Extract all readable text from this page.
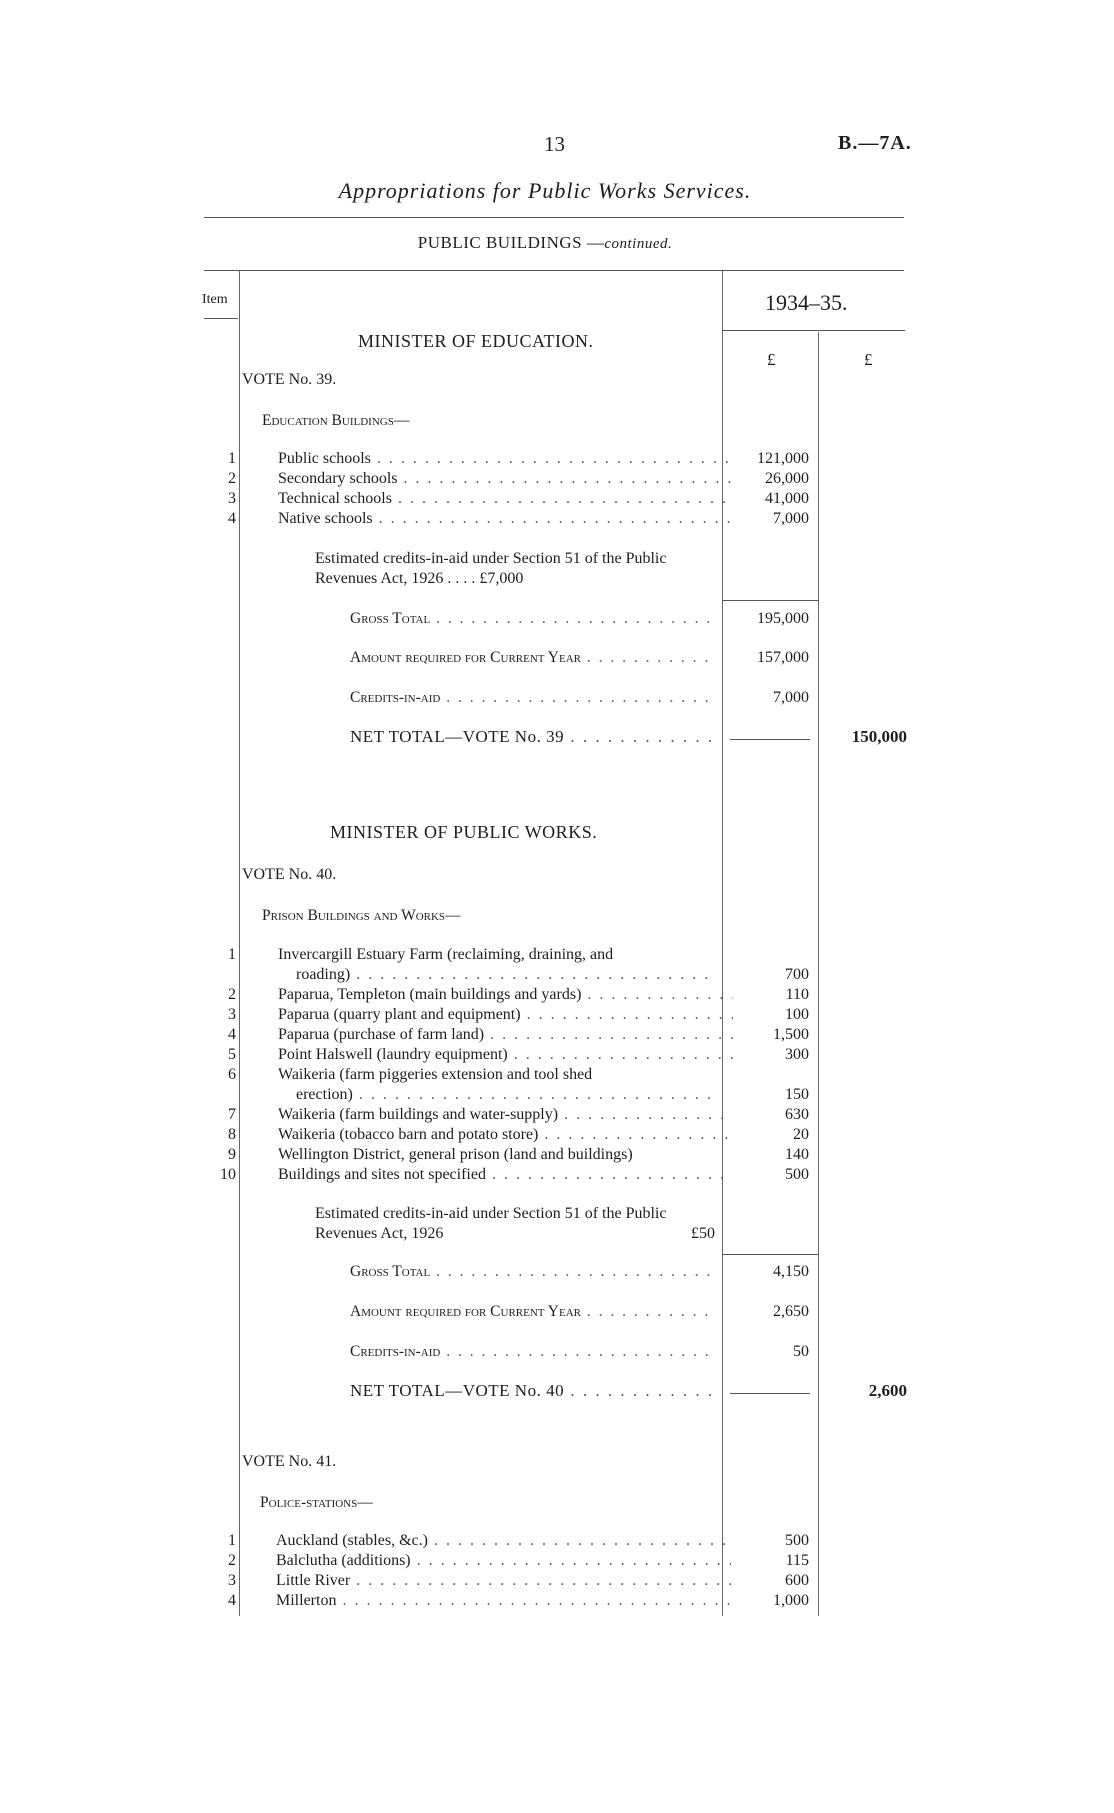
13	B.—7A.
Appropriations for Public Works Services.
PUBLIC BUILDINGS —continued.
Item	1934–35.
£	£
MINISTER OF EDUCATION.
VOTE No. 39.
Education Buildings—
1	Public schools . .	121,000
2	Secondary schools . .	26,000
3	Technical schools . .	41,000
4	Native schools . .	7,000
Estimated credits-in-aid under Section 51 of the Public Revenues Act, 1926 . . . . £7,000
Gross Total . .	195,000
Amount required for Current Year . .	157,000
Credits-in-aid . .	7,000
NET TOTAL—VOTE No. 39 . .	150,000
MINISTER OF PUBLIC WORKS.
VOTE No. 40.
Prison Buildings and Works—
1	Invercargill Estuary Farm (reclaiming, draining, and
roading) . .	700
2	Paparua, Templeton (main buildings and yards) . .	110
3	Paparua (quarry plant and equipment) . .	100
4	Paparua (purchase of farm land) . .	1,500
5	Point Halswell (laundry equipment) . .	300
6	Waikeria (farm piggeries extension and tool shed
erection) . .	150
7	Waikeria (farm buildings and water-supply) . .	630
8	Waikeria (tobacco barn and potato store) . .	20
9	Wellington District, general prison (land and buildings)	140
10	Buildings and sites not specified . .	500
Estimated credits-in-aid under Section 51 of the Public Revenues Act, 1926	£50
Gross Total . .	4,150
Amount required for Current Year . .	2,650
Credits-in-aid . .	50
NET TOTAL—VOTE No. 40 . .	2,600
VOTE No. 41.
Police-stations—
1	Auckland (stables, &c.) . .	500
2	Balclutha (additions) . .	115
3	Little River . .	600
4	Millerton . .	1,000
